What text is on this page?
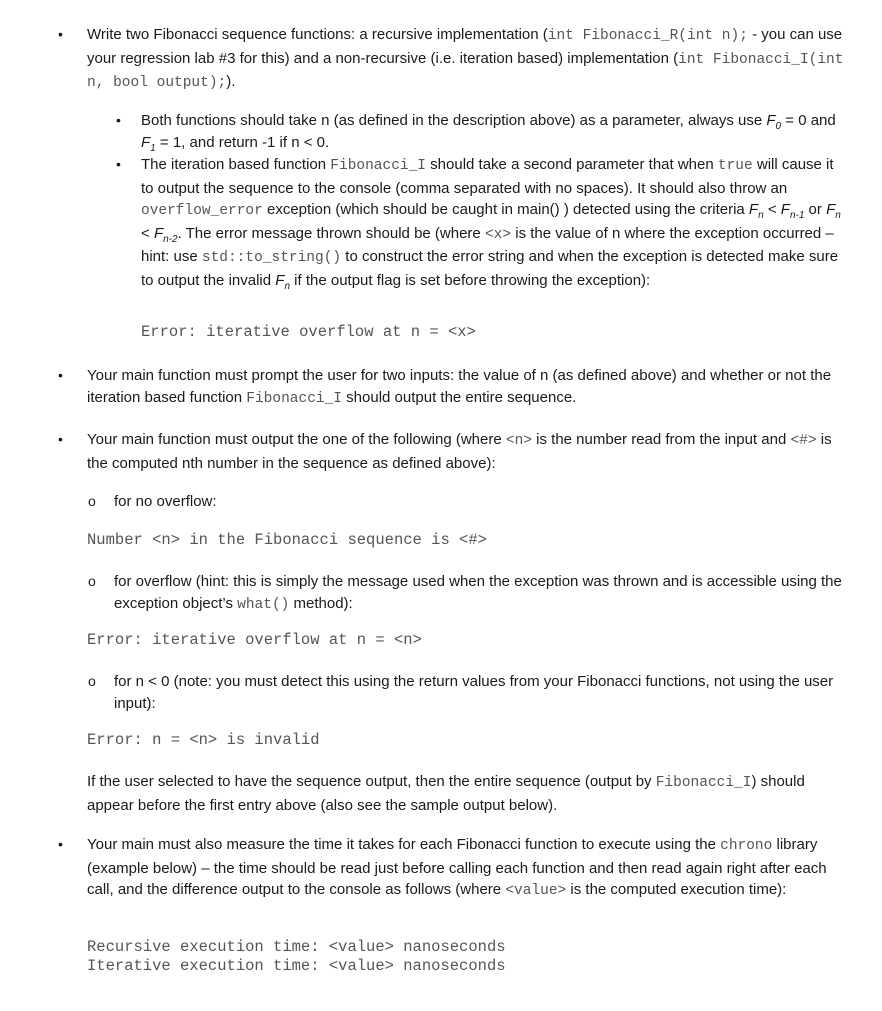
• Write two Fibonacci sequence functions: a recursive implementation (int Fibonacci_R(int n); - you can use your regression lab #3 for this) and a non-recursive (i.e. iteration based) implementation (int Fibonacci_I(int n, bool output);).
• Both functions should take n (as defined in the description above) as a parameter, always use $F_0 = 0$ and $F_1 = 1$, and return -1 if n < 0.
• The iteration based function Fibonacci_I should take a second parameter that when true will cause it to output the sequence to the console (comma separated with no spaces). It should also throw an overflow_error exception (which should be caught in main() ) detected using the criteria $F_n < F_{n-1}$ or $F_n < F_{n-2}$. The error message thrown should be (where <x> is the value of n where the exception occurred – hint: use std::to_string() to construct the error string and when the exception is detected make sure to output the invalid $F_n$ if the output flag is set before throwing the exception):
Error: iterative overflow at n = <x>
• Your main function must prompt the user for two inputs: the value of n (as defined above) and whether or not the iteration based function Fibonacci_I should output the entire sequence.
• Your main function must output the one of the following (where <n> is the number read from the input and <#> is the computed nth number in the sequence as defined above):
o for no overflow:
Number <n> in the Fibonacci sequence is <#>
o for overflow (hint: this is simply the message used when the exception was thrown and is accessible using the exception object’s what() method):
Error: iterative overflow at n = <n>
o for n < 0 (note: you must detect this using the return values from your Fibonacci functions, not using the user input):
Error: n = <n> is invalid
If the user selected to have the sequence output, then the entire sequence (output by Fibonacci_I) should appear before the first entry above (also see the sample output below).
• Your main must also measure the time it takes for each Fibonacci function to execute using the chrono library (example below) – the time should be read just before calling each function and then read again right after each call, and the difference output to the console as follows (where <value> is the computed execution time):
Recursive execution time: <value> nanoseconds
Iterative execution time: <value> nanoseconds
